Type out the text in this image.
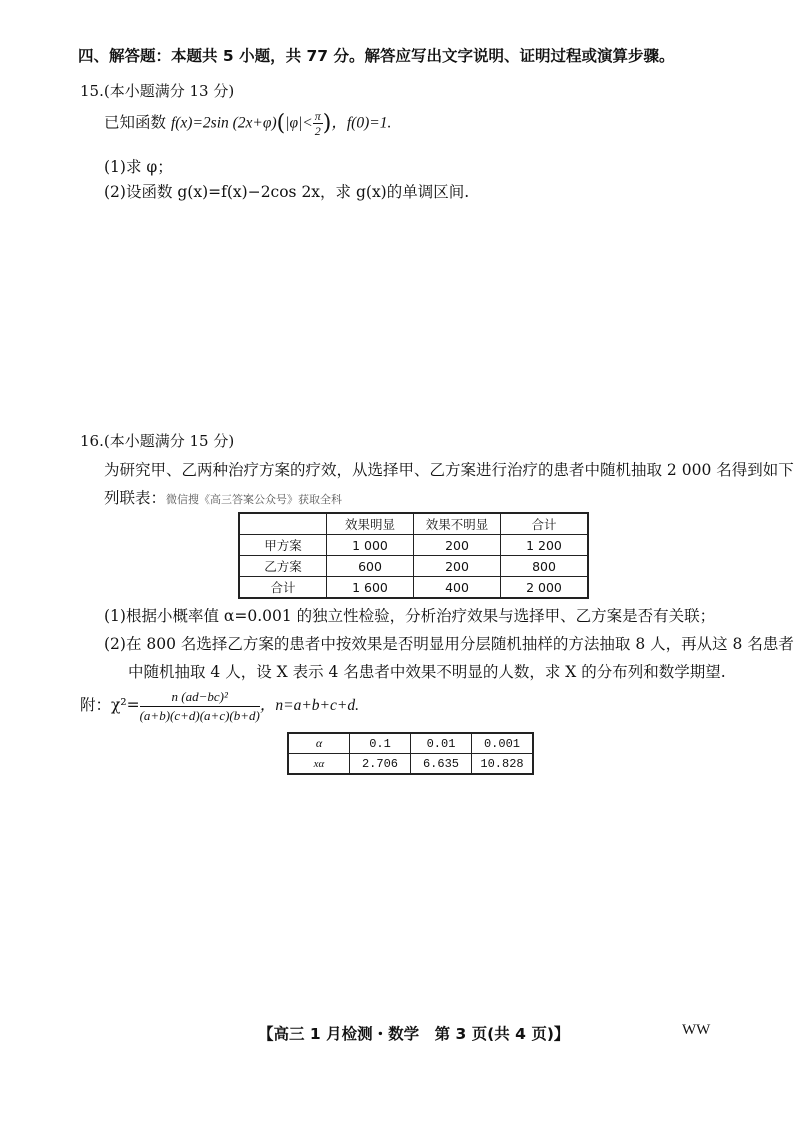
四、解答题：本题共 5 小题，共 77 分。解答应写出文字说明、证明过程或演算步骤。
15.(本小题满分 13 分)
已知函数 f(x)=2sin $(2x+\varphi)(|\varphi|< \frac{\pi}{2}$ )，f(0)=1.
(1)求 φ；
(2)设函数 g(x)=f(x)−2cos 2x，求 g(x)的单调区间.
16.(本小题满分 15 分)
为研究甲、乙两种治疗方案的疗效，从选择甲、乙方案进行治疗的患者中随机抽取 2 000 名得到如下
列联表：微信搜《高三答案公众号》获取全科
	效果明显	效果不明显	合计
甲方案	1 000	200	1 200
乙方案	600	200	800
合计	1 600	400	2 000
(1)根据小概率值 α=0.001 的独立性检验，分析治疗效果与选择甲、乙方案是否有关联；
(2)在 800 名选择乙方案的患者中按效果是否明显用分层随机抽样的方法抽取 8 人，再从这 8 名患者
中随机抽取 4 人，设 X 表示 4 名患者中效果不明显的人数，求 X 的分布列和数学期望.
附：$\chi^2= \frac{\text{n (ad−bc)²}}{(a+b)(c+d)(a+c)(b+d)}$ ，n=a+b+c+d.
α	0.1	0.01	0.001
xα	2.706	6.635	10.828
【高三 1 月检测・数学　第 3 页(共 4 页)】	WW
